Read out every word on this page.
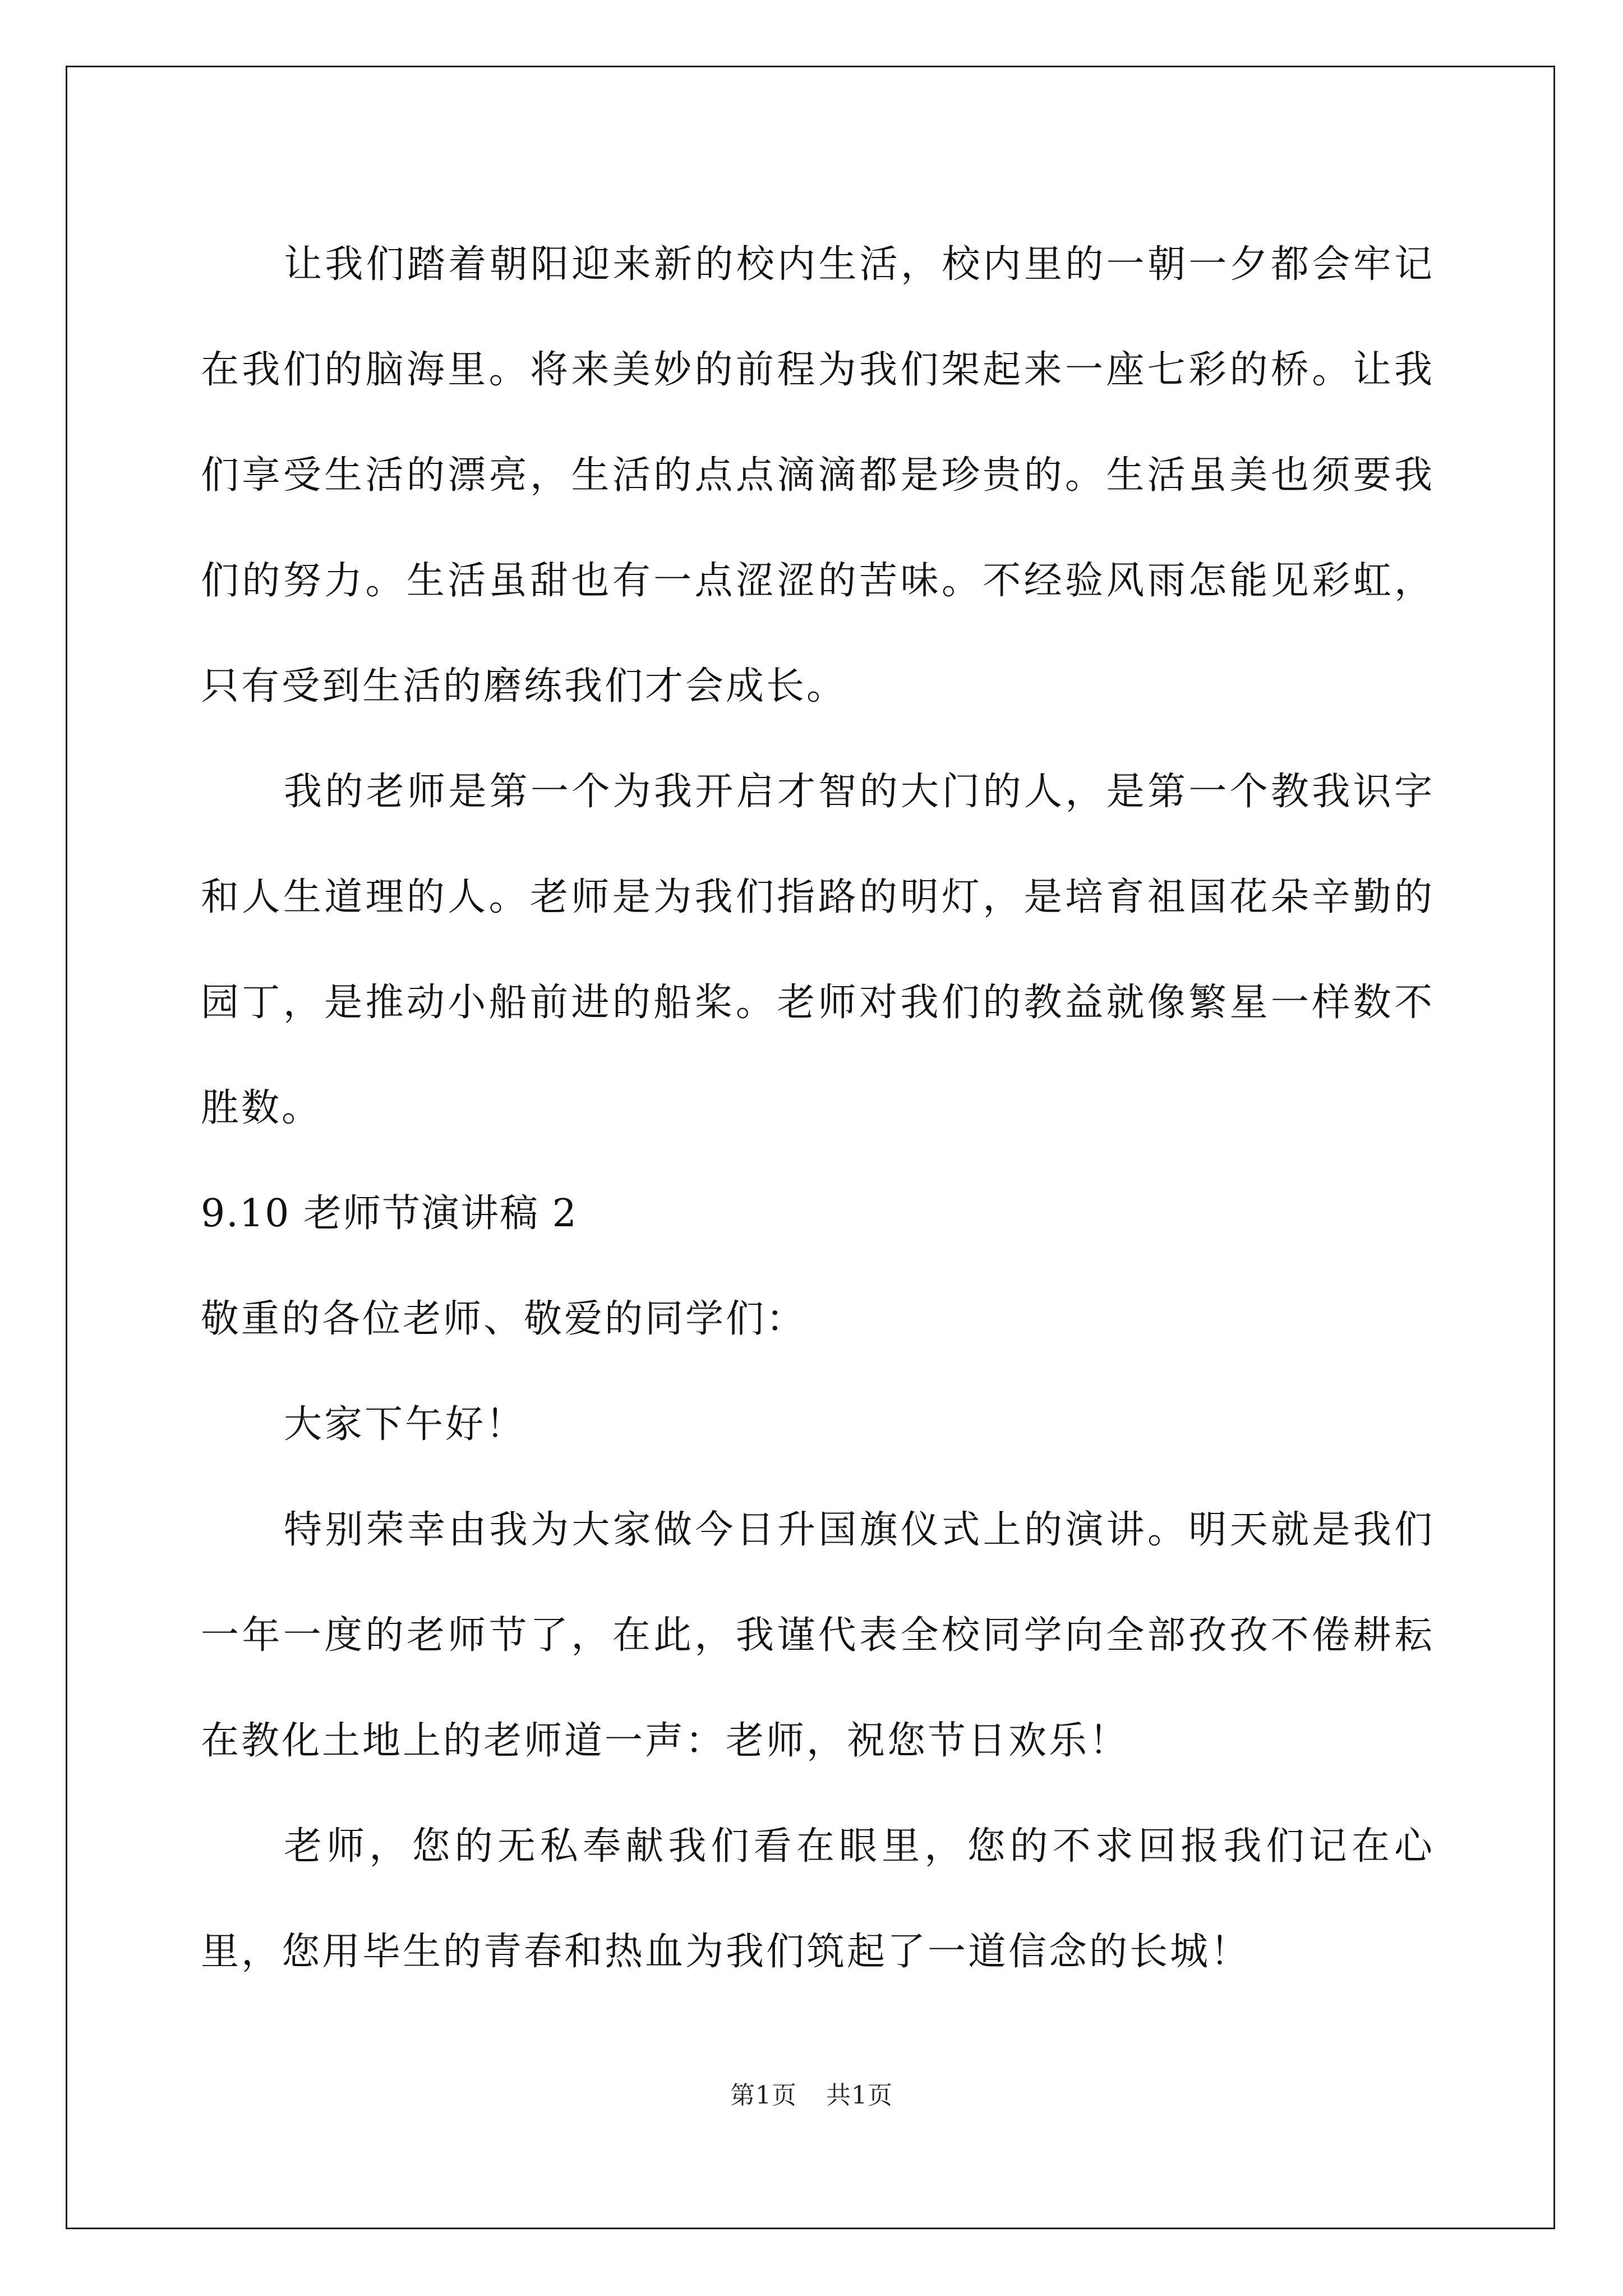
让我们踏着朝阳迎来新的校内生活，校内里的一朝一夕都会牢记在我们的脑海里。将来美妙的前程为我们架起来一座七彩的桥。让我们享受生活的漂亮，生活的点点滴滴都是珍贵的。生活虽美也须要我们的努力。生活虽甜也有一点涩涩的苦味。不经验风雨怎能见彩虹，只有受到生活的磨练我们才会成长。

我的老师是第一个为我开启才智的大门的人，是第一个教我识字和人生道理的人。老师是为我们指路的明灯，是培育祖国花朵辛勤的园丁，是推动小船前进的船桨。老师对我们的教益就像繁星一样数不胜数。

9.10 老师节演讲稿 2

敬重的各位老师、敬爱的同学们：

大家下午好！

特别荣幸由我为大家做今日升国旗仪式上的演讲。明天就是我们一年一度的老师节了，在此，我谨代表全校同学向全部孜孜不倦耕耘在教化土地上的老师道一声：老师，祝您节日欢乐！

老师，您的无私奉献我们看在眼里，您的不求回报我们记在心里，您用毕生的青春和热血为我们筑起了一道信念的长城！

第1页 共1页
